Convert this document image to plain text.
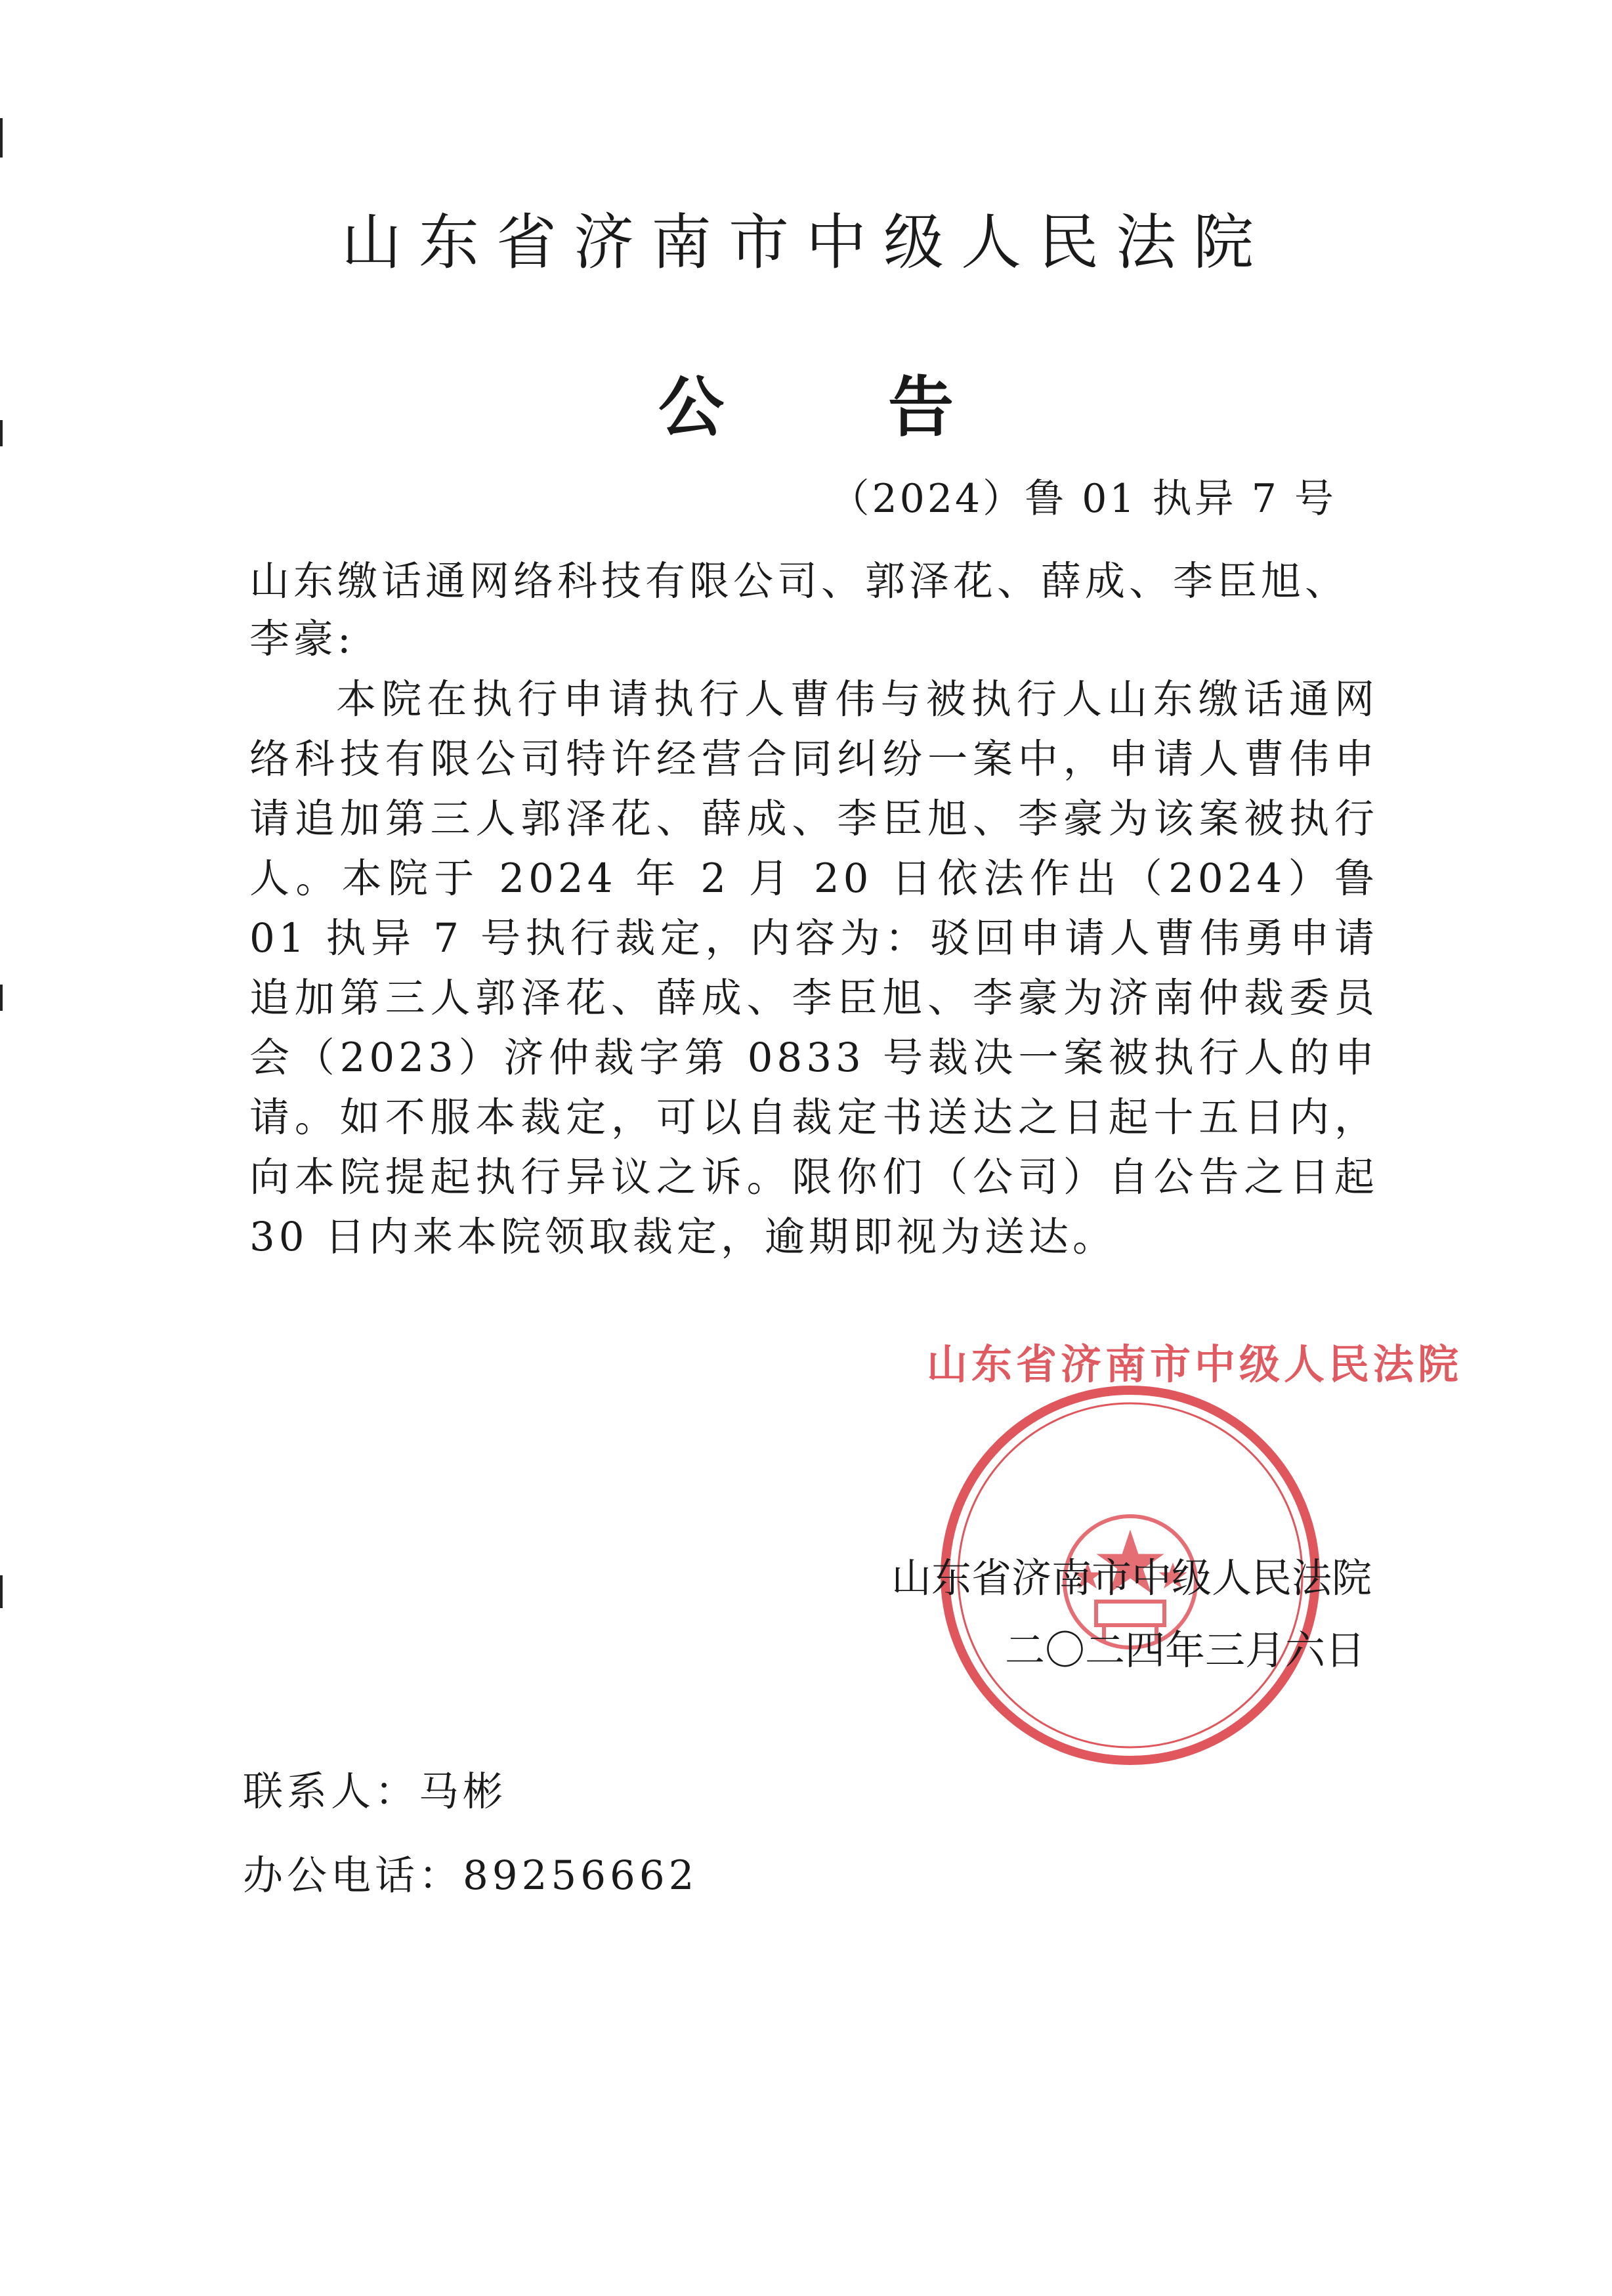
山东省济南市中级人民法院
公	告
（2024）鲁 01 执异 7 号
山东缴话通网络科技有限公司、郭泽花、薛成、李臣旭、李豪:
本院在执行申请执行人曹伟与被执行人山东缴话通网络科技有限公司特许经营合同纠纷一案中，申请人曹伟申请追加第三人郭泽花、薛成、李臣旭、李豪为该案被执行人。本院于 2024 年 2 月 20 日依法作出（2024）鲁 01 执异 7 号执行裁定，内容为：驳回申请人曹伟勇申请追加第三人郭泽花、薛成、李臣旭、李豪为济南仲裁委员会（2023）济仲裁字第 0833 号裁决一案被执行人的申请。如不服本裁定，可以自裁定书送达之日起十五日内，向本院提起执行异议之诉。限你们（公司）自公告之日起 30 日内来本院领取裁定，逾期即视为送达。
山东省济南市中级人民法院
山东省济南市中级人民法院
二〇二四年三月六日
联系人：马彬
办公电话：89256662
